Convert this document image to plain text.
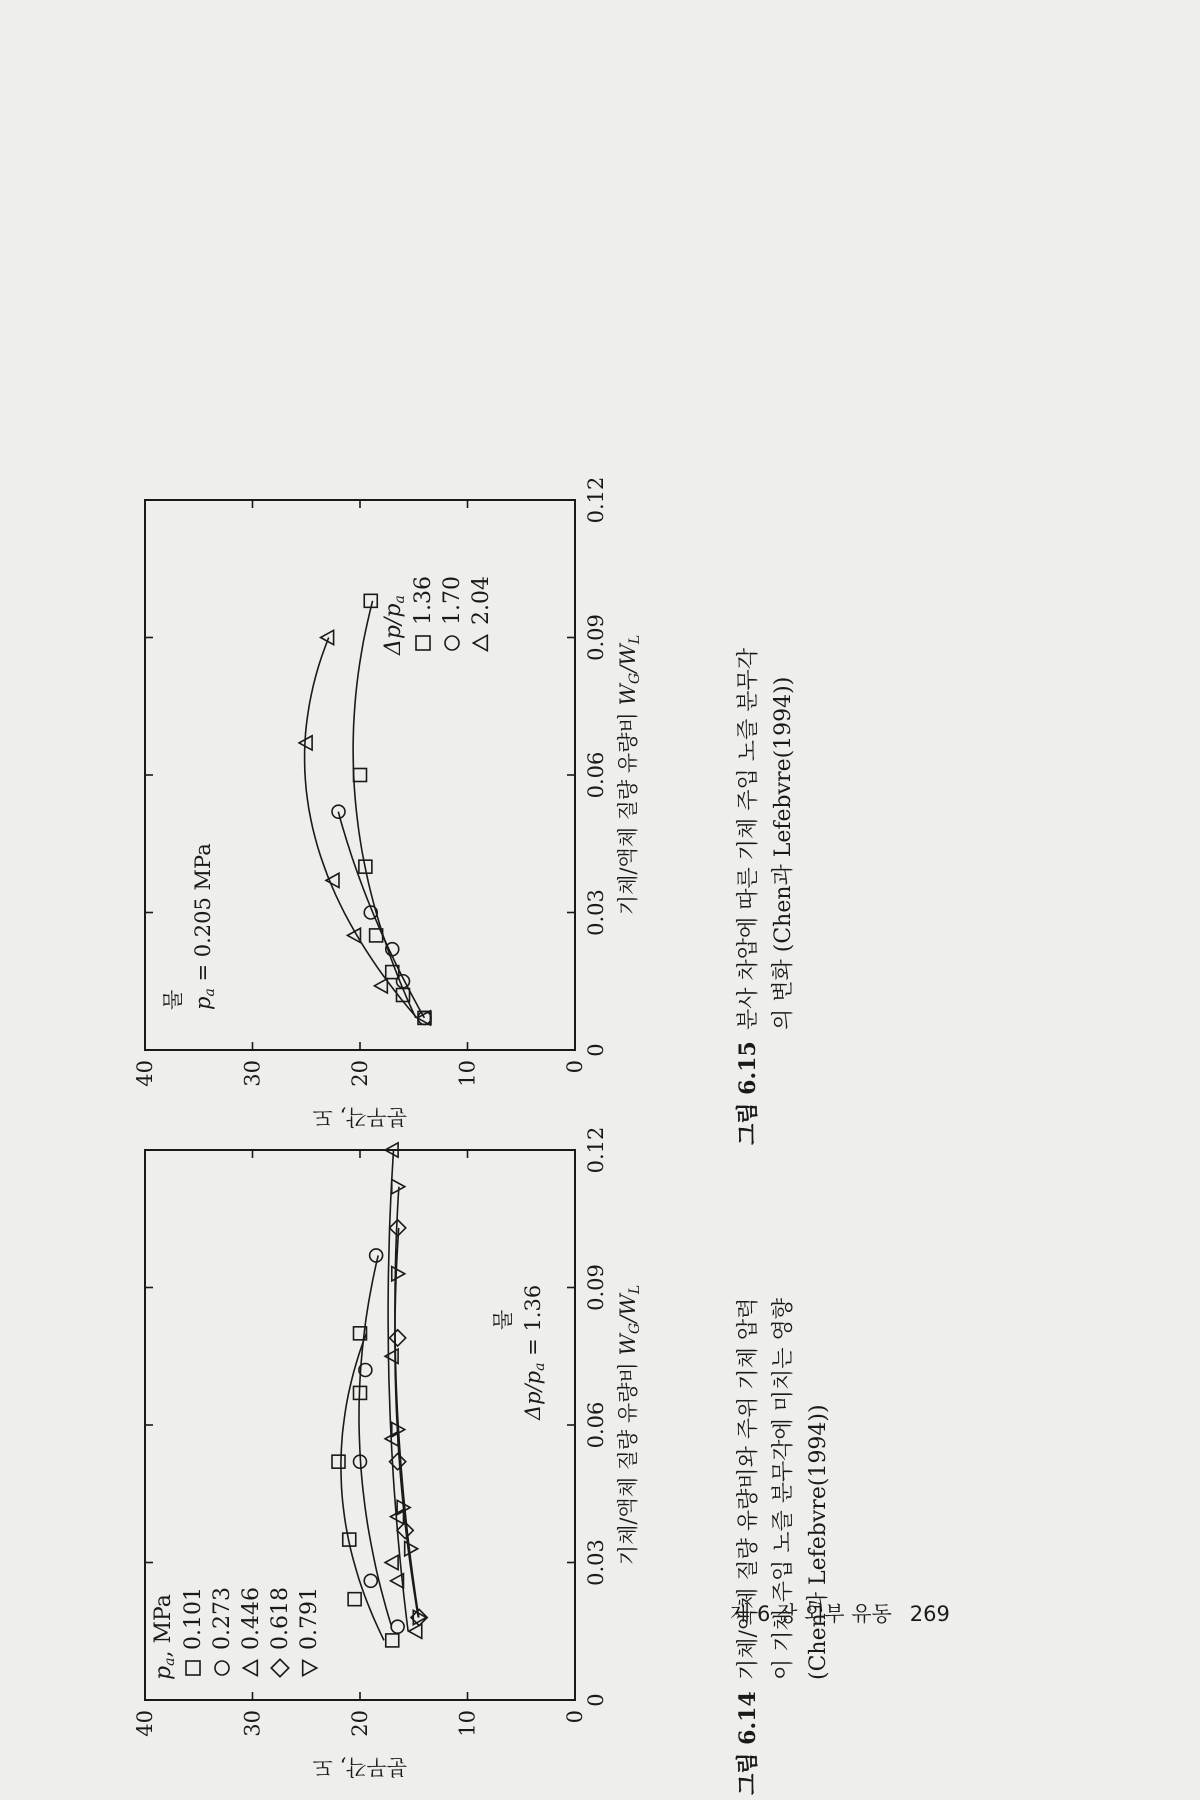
0
0.03
0.06
0.09
0.12
0
10
20
30
40
기체/액체 질량 유량비 WG/WL
분무각, 도
물
Δp/pa = 1.36
pa, MPa 0.101 0.273 0.446 0.618 0.791
그림 6.14
기체/액체 질량 유량비와 주위 기체 압력 이 기체 주입 노즐 분무각에 미치는 영향 (Chen과 Lefebvre(1994))
0
0.03
0.06
0.09
0.12
0
10
20
30
40
기체/액체 질량 유량비 WG/WL
분무각, 도
물 pa = 0.205 MPa
Δp/pa 1.36 1.70 2.04
그림 6.15
분사 차압에 따른 기체 주입 노즐 분무각 의 변화 (Chen과 Lefebvre(1994))
제 6 장 외부 유동 269
